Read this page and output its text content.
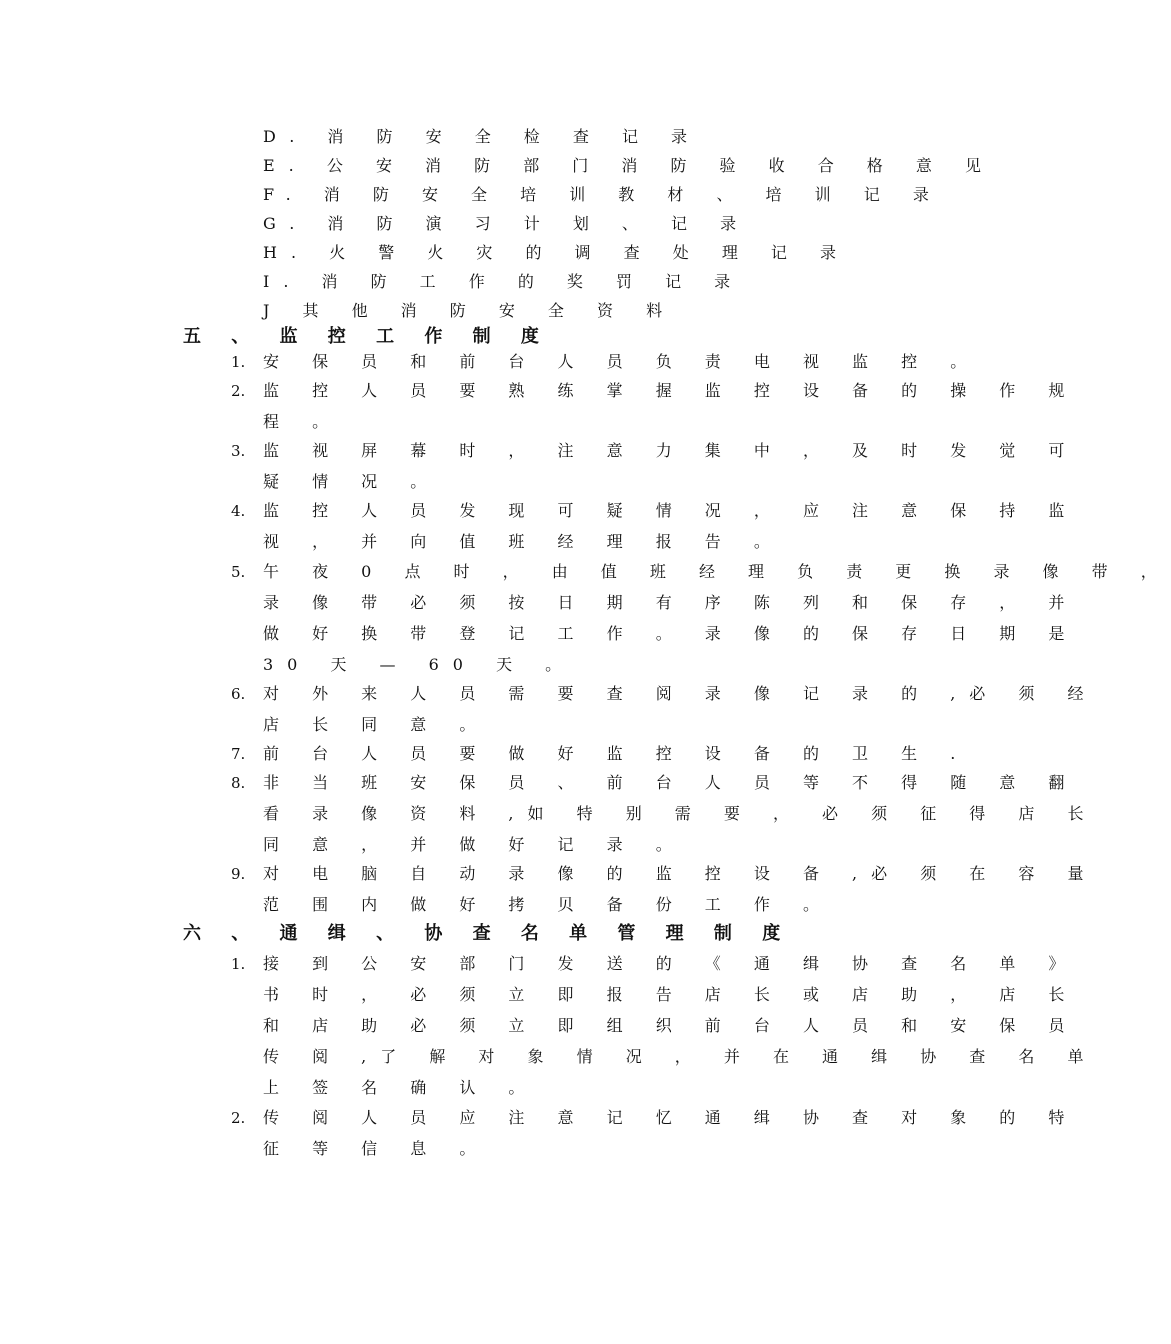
D. 消 防 安 全 检 查 记 录
E. 公 安 消 防 部 门 消 防 验 收 合 格 意 见
F. 消 防 安 全 培 训 教 材 、 培 训 记 录
G. 消 防 演 习 计 划 、 记 录
H. 火 警 火 灾 的 调 查 处 理 记 录
I. 消 防 工 作 的 奖 罚 记 录
J 其 他 消 防 安 全 资 料
五 、 监 控 工 作 制 度
1. 安 保 员 和 前 台 人 员 负 责 电 视 监 控 。
2. 监 控 人 员 要 熟 练 掌 握 监 控 设 备 的 操 作 规
程 。
3. 监 视 屏 幕 时 ， 注 意 力 集 中 ， 及 时 发 觉 可
疑 情 况 。
4. 监 控 人 员 发 现 可 疑 情 况 ， 应 注 意 保 持 监
视 ， 并 向 值 班 经 理 报 告 。
5. 午 夜 0 点 时 ， 由 值 班 经 理 负 责 更 换 录 像 带 ，
录 像 带 必 须 按 日 期 有 序 陈 列 和 保 存 ， 并
做 好 换 带 登 记 工 作 。 录 像 的 保 存 日 期 是
30 天 — 60 天 。
6. 对 外 来 人 员 需 要 查 阅 录 像 记 录 的 ,必 须 经
店 长 同 意 。
7. 前 台 人 员 要 做 好 监 控 设 备 的 卫 生 .
8. 非 当 班 安 保 员 、 前 台 人 员 等 不 得 随 意 翻
看 录 像 资 料 ,如 特 别 需 要 ， 必 须 征 得 店 长
同 意 ， 并 做 好 记 录 。
9. 对 电 脑 自 动 录 像 的 监 控 设 备 ,必 须 在 容 量
范 围 内 做 好 拷 贝 备 份 工 作 。
六 、 通 缉 、 协 查 名 单 管 理 制 度
1. 接 到 公 安 部 门 发 送 的 《 通 缉 协 查 名 单 》
书 时 ， 必 须 立 即 报 告 店 长 或 店 助 ， 店 长
和 店 助 必 须 立 即 组 织 前 台 人 员 和 安 保 员
传 阅 ,了 解 对 象 情 况 ， 并 在 通 缉 协 查 名 单
上 签 名 确 认 。
2. 传 阅 人 员 应 注 意 记 忆 通 缉 协 查 对 象 的 特
征 等 信 息 。
